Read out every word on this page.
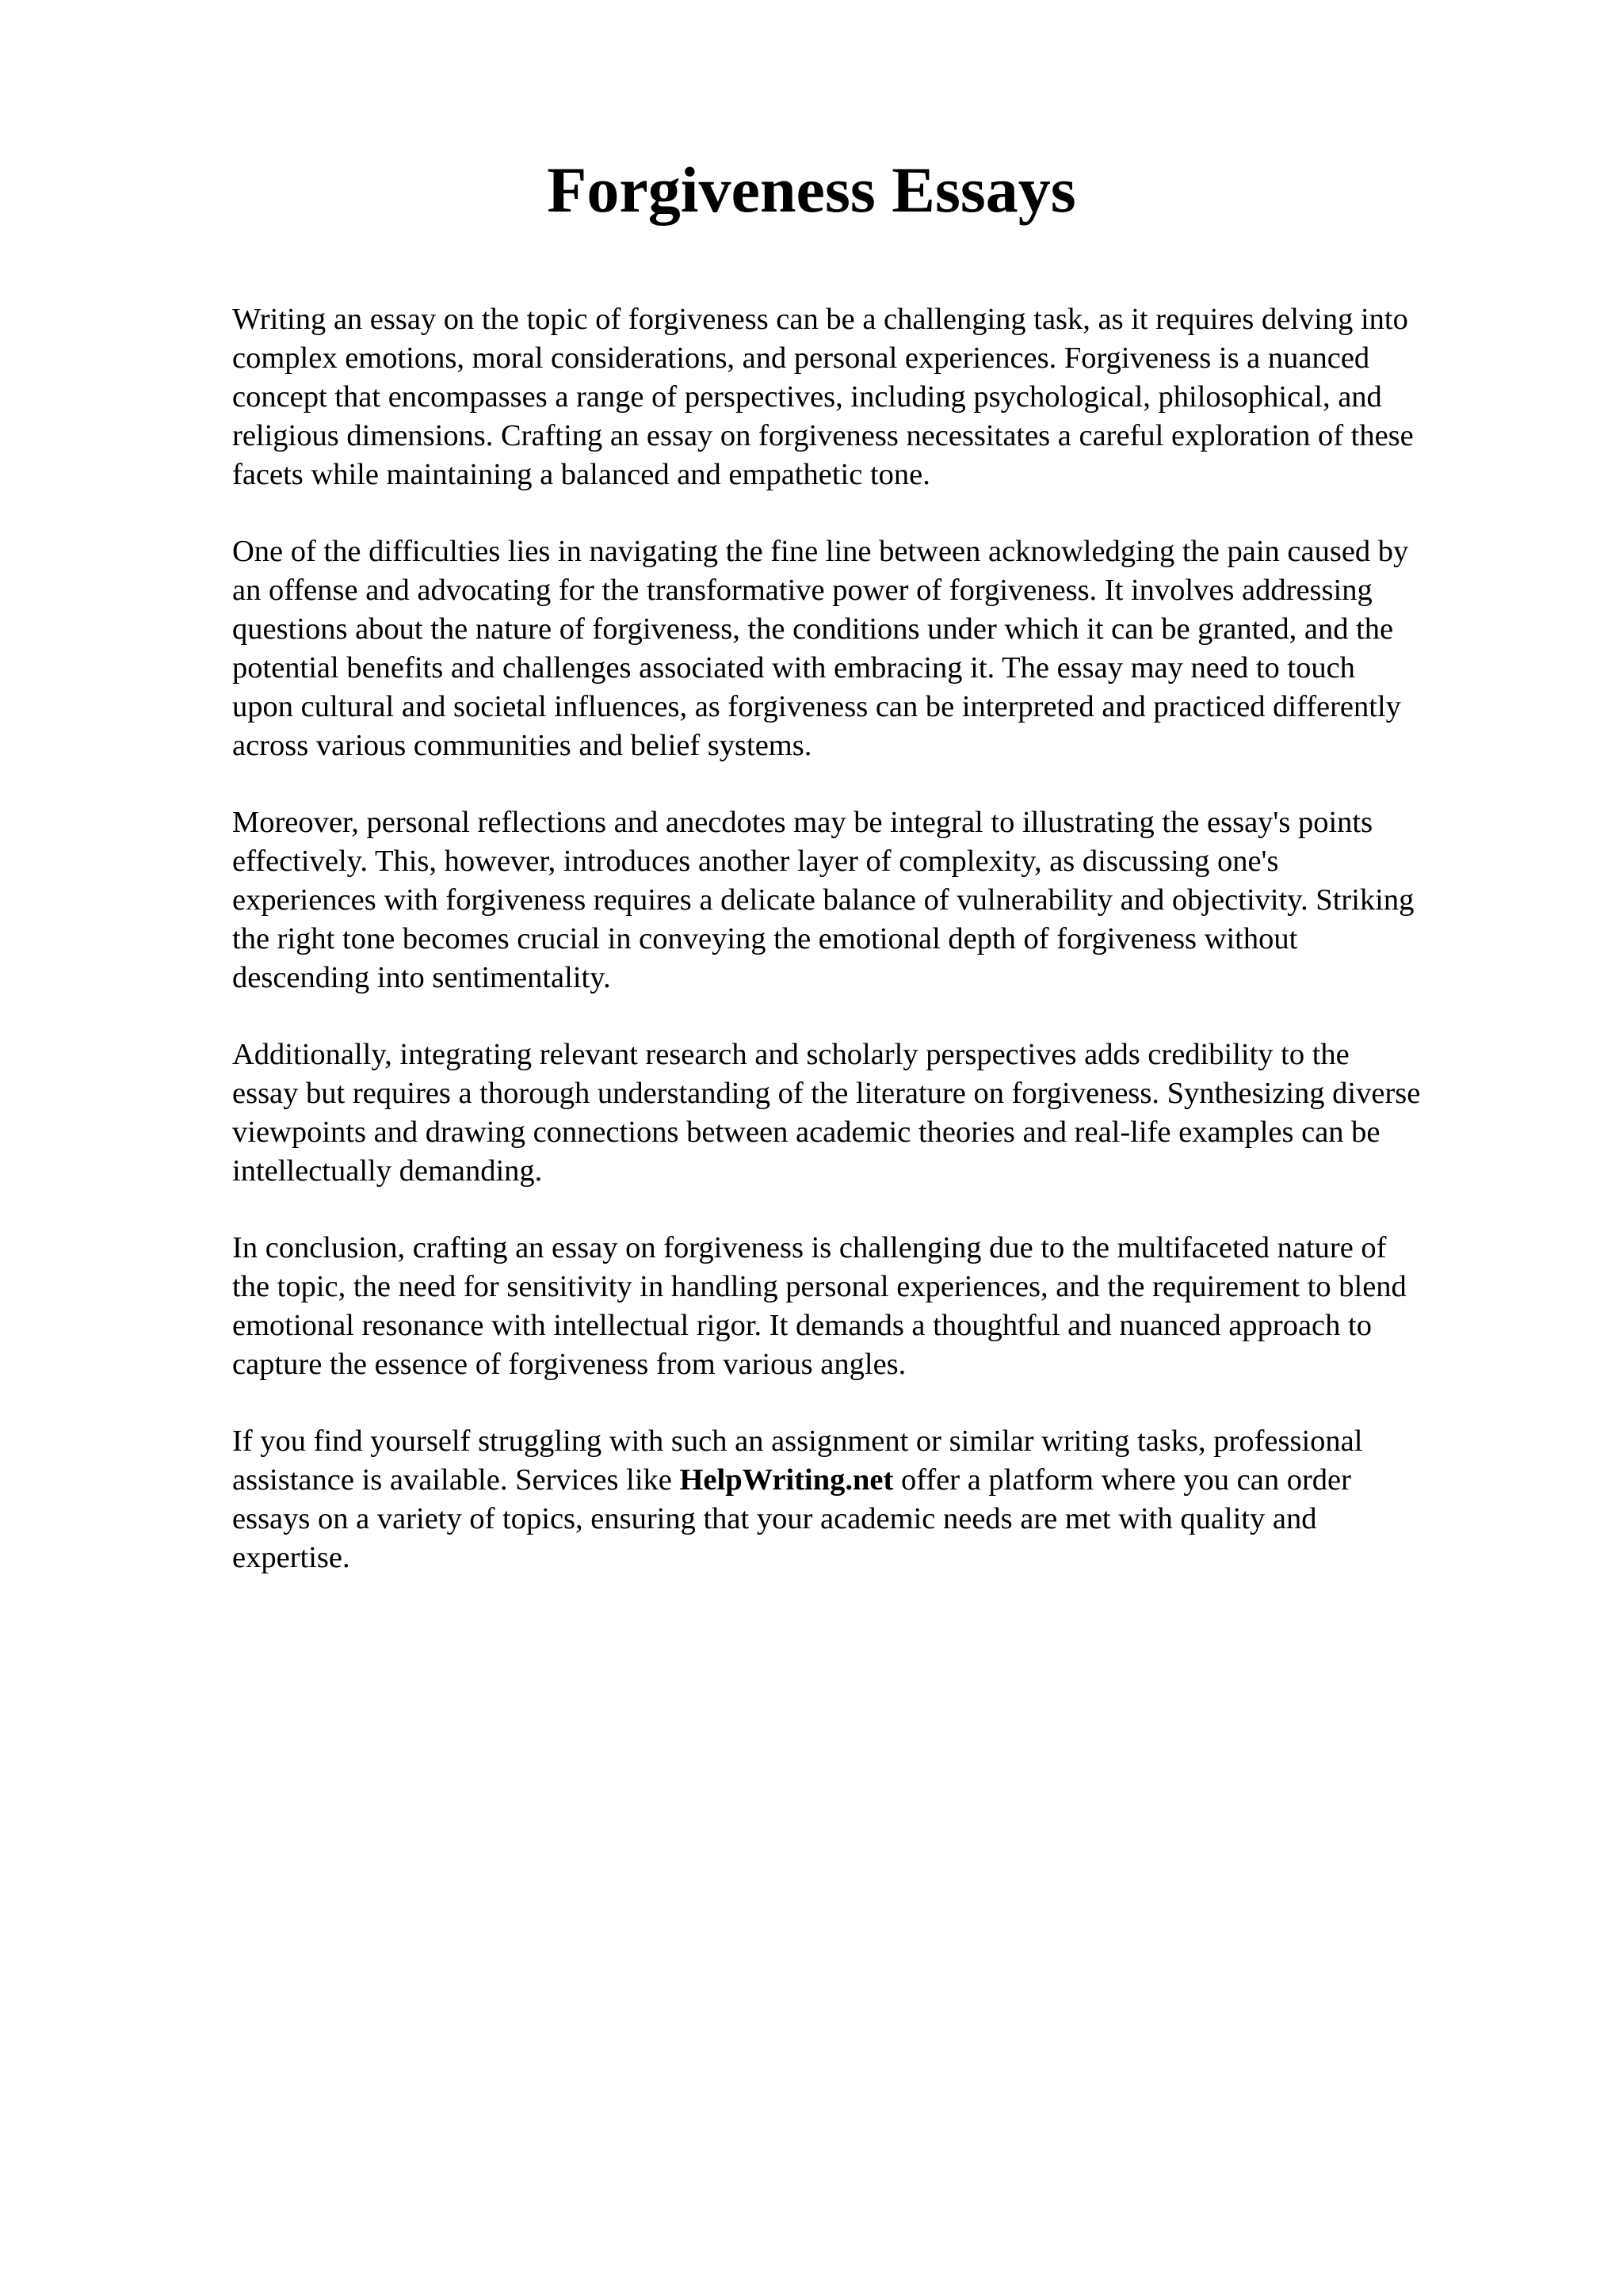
Forgiveness Essays

Writing an essay on the topic of forgiveness can be a challenging task, as it requires delving into
complex emotions, moral considerations, and personal experiences. Forgiveness is a nuanced
concept that encompasses a range of perspectives, including psychological, philosophical, and
religious dimensions. Crafting an essay on forgiveness necessitates a careful exploration of these
facets while maintaining a balanced and empathetic tone.

One of the difficulties lies in navigating the fine line between acknowledging the pain caused by
an offense and advocating for the transformative power of forgiveness. It involves addressing
questions about the nature of forgiveness, the conditions under which it can be granted, and the
potential benefits and challenges associated with embracing it. The essay may need to touch
upon cultural and societal influences, as forgiveness can be interpreted and practiced differently
across various communities and belief systems.

Moreover, personal reflections and anecdotes may be integral to illustrating the essay's points
effectively. This, however, introduces another layer of complexity, as discussing one's
experiences with forgiveness requires a delicate balance of vulnerability and objectivity. Striking
the right tone becomes crucial in conveying the emotional depth of forgiveness without
descending into sentimentality.

Additionally, integrating relevant research and scholarly perspectives adds credibility to the
essay but requires a thorough understanding of the literature on forgiveness. Synthesizing diverse
viewpoints and drawing connections between academic theories and real-life examples can be
intellectually demanding.

In conclusion, crafting an essay on forgiveness is challenging due to the multifaceted nature of
the topic, the need for sensitivity in handling personal experiences, and the requirement to blend
emotional resonance with intellectual rigor. It demands a thoughtful and nuanced approach to
capture the essence of forgiveness from various angles.

If you find yourself struggling with such an assignment or similar writing tasks, professional
assistance is available. Services like HelpWriting.net offer a platform where you can order
essays on a variety of topics, ensuring that your academic needs are met with quality and
expertise.
